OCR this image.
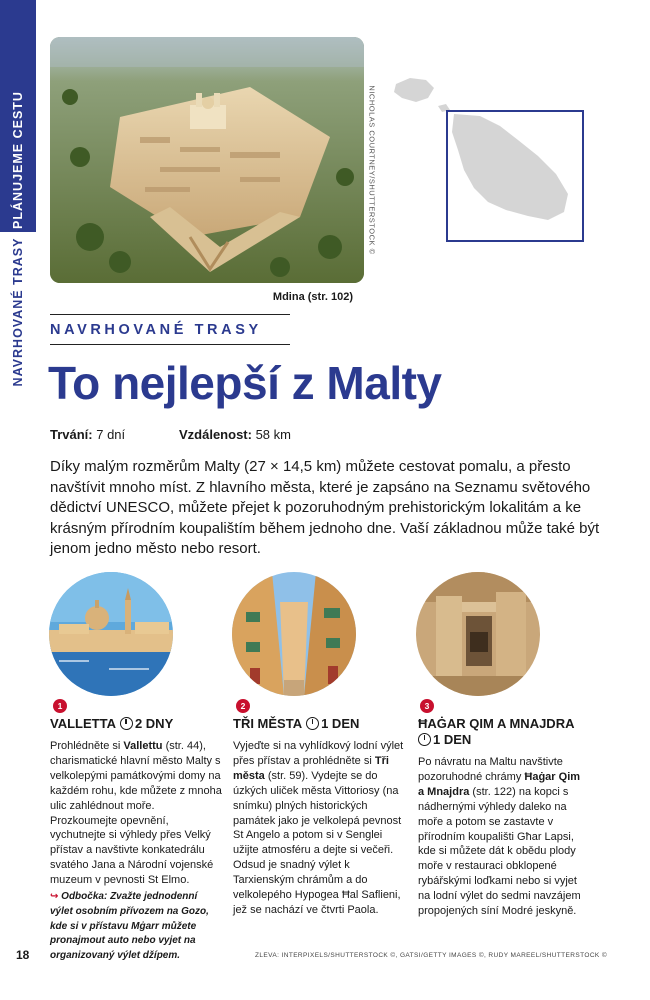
PLÁNUJEME CESTU
NAVRHOVANÉ TRASY
NICHOLAS COURTNEY/SHUTTERSTOCK ©
Mdina (str. 102)
NAVRHOVANÉ TRASY
To nejlepší z Malty
Trvání: 7 dní	Vzdálenost: 58 km

Díky malým rozměrům Malty (27 × 14,5 km) můžete cestovat pomalu, a přesto navštívit mnoho míst. Z hlavního města, které je zapsáno na Seznamu světového dědictví UNESCO, můžete přejet k pozoruhodným prehistorickým lokalitám a ke krásným přírodním koupalištím během jednoho dne. Vaší základnou může také být jenom jedno město nebo resort.

1	2	3
VALLETTA 2 DNY
Prohlédněte si Vallettu (str. 44), charismatické hlavní město Malty s velkolepými památkovými domy na každém rohu, kde můžete z mnoha ulic zahlédnout moře. Prozkoumejte opevnění, vychutnejte si výhledy přes Velký přístav a navštivte konkatedrálu svatého Jana a Národní vojenské muzeum v pevnosti St Elmo.
↪ Odbočka: Zvažte jednodenní výlet osobním přívozem na Gozo, kde si v přístavu Mġarr můžete pronajmout auto nebo vyjet na organizovaný výlet džípem.
TŘI MĚSTA 1 DEN
Vyjeďte si na vyhlídkový lodní výlet přes přístav a prohlédněte si Tři města (str. 59). Vydejte se do úzkých uliček města Vittoriosy (na snímku) plných historických památek jako je velkolepá pevnost St Angelo a potom si v Senglei užijte atmosféru a dejte si večeři. Odsud je snadný výlet k Tarxienským chrámům a do velkolepého Hypogea Ħal Saflieni, jež se nachází ve čtvrti Paola.
ĦAĠAR QIM A MNAJDRA
1 DEN
Po návratu na Maltu navštivte pozoruhodné chrámy Ħaġar Qim a Mnajdra (str. 122) na kopci s nádhernými výhledy daleko na moře a potom se zastavte v přírodním koupališti Għar Lapsi, kde si můžete dát k obědu plody moře v restauraci obklopené rybářskými loďkami nebo si vyjet na lodní výlet do sedmi navzájem propojených síní Modré jeskyně.
18	ZLEVA: INTERPIXELS/SHUTTERSTOCK ©, GATSI/GETTY IMAGES ©, RUDY MAREEL/SHUTTERSTOCK ©
